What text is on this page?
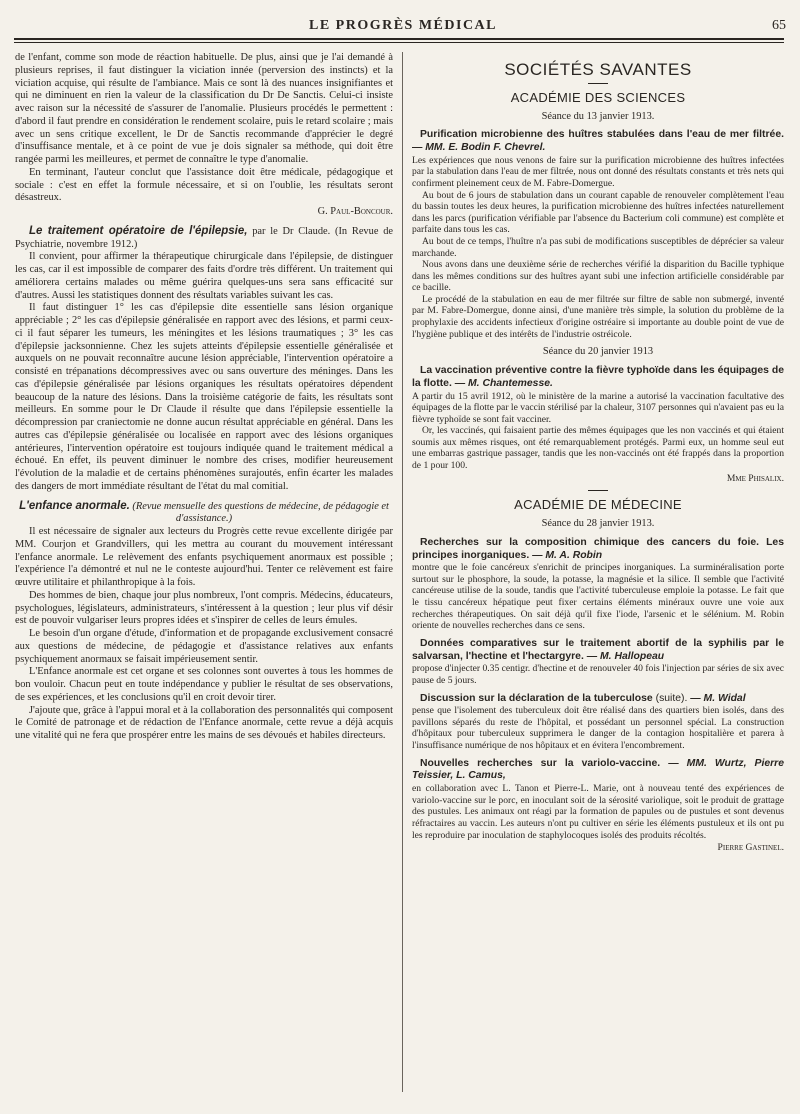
LE PROGRÈS MÉDICAL	65

de l'enfant, comme son mode de réaction habituelle. De plus, ainsi que je l'ai demandé à plusieurs reprises, il faut distinguer la viciation innée (perversion des instincts) et la viciation acquise, qui résulte de l'ambiance. Mais ce sont là des nuances insignifiantes et qui ne diminuent en rien la valeur de la classification du Dr De Sanctis. Celui-ci insiste avec raison sur la nécessité de s'assurer de l'anomalie. Plusieurs procédés le permettent : d'abord il faut prendre en considération le rendement scolaire, puis le retard scolaire ; mais avec un sens critique excellent, le Dr de Sanctis recommande d'apprécier le degré d'insuffisance mentale, et à ce point de vue je dois signaler sa méthode, qui doit être rangée parmi les meilleures, et permet de connaître le type d'anomalie.

En terminant, l'auteur conclut que l'assistance doit être médicale, pédagogique et sociale : c'est en effet la formule nécessaire, et si on l'oublie, les résultats seront désastreux.

G. Paul-Boncour.

Le traitement opératoire de l'épilepsie, par le Dr Claude. (In Revue de Psychiatrie, novembre 1912.)

Il convient, pour affirmer la thérapeutique chirurgicale dans l'épilepsie, de distinguer les cas, car il est impossible de comparer des faits d'ordre très différent. Un traitement qui améliorera certains malades ou même guérira quelques-uns sera sans efficacité sur d'autres. Aussi les statistiques donnent des résultats variables suivant les cas.

Il faut distinguer 1° les cas d'épilepsie dite essentielle sans lésion organique appréciable ; 2° les cas d'épilepsie généralisée en rapport avec des lésions, et parmi ceux-ci il faut séparer les tumeurs, les méningites et les lésions traumatiques ; 3° les cas d'épilepsie jacksonnienne. Chez les sujets atteints d'épilepsie essentielle généralisée et auxquels on ne pouvait reconnaître aucune lésion appréciable, l'intervention opératoire a consisté en trépanations décompressives avec ou sans ouverture des méninges. Dans les cas d'épilepsie généralisée par lésions organiques les résultats opératoires dépendent beaucoup de la nature des lésions. Dans la troisième catégorie de faits, les résultats sont meilleurs. En somme pour le Dr Claude il résulte que dans l'épilepsie essentielle la décompression par craniectomie ne donne aucun résultat appréciable en général. Dans les autres cas d'épilepsie généralisée ou localisée en rapport avec des lésions organiques antérieures, l'intervention opératoire est toujours indiquée quand le traitement médical a échoué. En effet, ils peuvent diminuer le nombre des crises, modifier heureusement l'évolution de la maladie et de certains phénomènes surajoutés, enfin écarter les malades des dangers de mort immédiate résultant de l'état du mal comitial.

L'enfance anormale. (Revue mensuelle des questions de médecine, de pédagogie et d'assistance.)

Il est nécessaire de signaler aux lecteurs du Progrès cette revue excellente dirigée par MM. Courjon et Grandvillers, qui les mettra au courant du mouvement intéressant l'enfance anormale. Le relèvement des enfants psychiquement anormaux est possible ; l'expérience l'a démontré et nul ne le conteste aujourd'hui. Tenter ce relèvement est faire œuvre utilitaire et philanthropique à la fois.

Des hommes de bien, chaque jour plus nombreux, l'ont compris. Médecins, éducateurs, psychologues, législateurs, administrateurs, s'intéressent à la question ; leur plus vif désir est de pouvoir vulgariser leurs propres idées et s'inspirer de celles de leurs émules.

Le besoin d'un organe d'étude, d'information et de propagande exclusivement consacré aux questions de médecine, de pédagogie et d'assistance relatives aux enfants psychiquement anormaux se faisait impérieusement sentir.

L'Enfance anormale est cet organe et ses colonnes sont ouvertes à tous les hommes de bon vouloir. Chacun peut en toute indépendance y publier le résultat de ses observations, de ses expériences, et les conclusions qu'il en croit devoir tirer.

J'ajoute que, grâce à l'appui moral et à la collaboration des personnalités qui composent le Comité de patronage et de rédaction de l'Enfance anormale, cette revue a déjà acquis une vitalité qui ne fera que prospérer entre les mains de ses dévoués et habiles directeurs.

SOCIÉTÉS SAVANTES
ACADÉMIE DES SCIENCES
Séance du 13 janvier 1913.

Purification microbienne des huîtres stabulées dans l'eau de mer filtrée. — MM. E. Bodin F. Chevrel.

Les expériences que nous venons de faire sur la purification microbienne des huîtres infectées par la stabulation dans l'eau de mer filtrée, nous ont donné des résultats constants et très nets qui confirment pleinement ceux de M. Fabre-Domergue.

Au bout de 6 jours de stabulation dans un courant capable de renouveler complètement l'eau du bassin toutes les deux heures, la purification microbienne des huîtres infectées naturellement dans les parcs (purification vérifiable par l'absence du Bacterium coli commune) est complète et parfaite dans tous les cas.

Au bout de ce temps, l'huître n'a pas subi de modifications susceptibles de déprécier sa valeur marchande.

Nous avons dans une deuxième série de recherches vérifié la disparition du Bacille typhique dans les mêmes conditions sur des huîtres ayant subi une infection artificielle considérable par ce bacille.

Le procédé de la stabulation en eau de mer filtrée sur filtre de sable non submergé, inventé par M. Fabre-Domergue, donne ainsi, d'une manière très simple, la solution du problème de la prophylaxie des accidents infectieux d'origine ostréaire si importante au double point de vue de l'hygiène publique et des intérêts de l'industrie ostréicole.

Séance du 20 janvier 1913

La vaccination préventive contre la fièvre typhoïde dans les équipages de la flotte. — M. Chantemesse.

A partir du 15 avril 1912, où le ministère de la marine a autorisé la vaccination facultative des équipages de la flotte par le vaccin stérilisé par la chaleur, 3107 personnes qui n'avaient pas eu la fièvre typhoïde se sont fait vacciner.

Or, les vaccinés, qui faisaient partie des mêmes équipages que les non vaccinés et qui étaient soumis aux mêmes risques, ont été remarquablement protégés. Parmi eux, un homme seul eut une embarras gastrique passager, tandis que les non-vaccinés ont été frappés dans la proportion de 1 pour 100.

Mme Phisalix.

ACADÉMIE DE MÉDECINE
Séance du 28 janvier 1913.

Recherches sur la composition chimique des cancers du foie. Les principes inorganiques. — M. A. Robin

montre que le foie cancéreux s'enrichit de principes inorganiques. La surminéralisation porte surtout sur le phosphore, la soude, la potasse, la magnésie et la silice. Il semble que l'activité cancéreuse utilise de la soude, tandis que l'activité tuberculeuse emploie la potasse. Le fait que le tissu cancéreux hépatique peut fixer certains éléments minéraux ouvre une voie aux recherches thérapeutiques. On sait déjà qu'il fixe l'iode, l'arsenic et le sélénium. M. Robin oriente de nouvelles recherches dans ce sens.

Données comparatives sur le traitement abortif de la syphilis par le salvarsan, l'hectine et l'hectargyre. — M. Hallopeau

propose d'injecter 0.35 centigr. d'hectine et de renouveler 40 fois l'injection par séries de six avec pause de 5 jours.

Discussion sur la déclaration de la tuberculose (suite). — M. Widal

pense que l'isolement des tuberculeux doit être réalisé dans des quartiers bien isolés, dans des pavillons séparés du reste de l'hôpital, et possédant un personnel spécial. La construction d'hôpitaux pour tuberculeux supprimera le danger de la contagion hospitalière et parera à l'insuffisance numérique de nos hôpitaux et en évitera l'encombrement.

Nouvelles recherches sur la variolo-vaccine. — MM. Wurtz, Pierre Teissier, L. Camus,

en collaboration avec L. Tanon et Pierre-L. Marie, ont à nouveau tenté des expériences de variolo-vaccine sur le porc, en inoculant soit de la sérosité variolique, soit le produit de grattage des pustules. Les animaux ont réagi par la formation de papules ou de pustules et sont devenus réfractaires au vaccin. Les auteurs n'ont pu cultiver en série les éléments pustuleux et ils ont pu les reproduire par inoculation de staphylocoques isolés des produits récoltés.

Pierre Gastinel.
